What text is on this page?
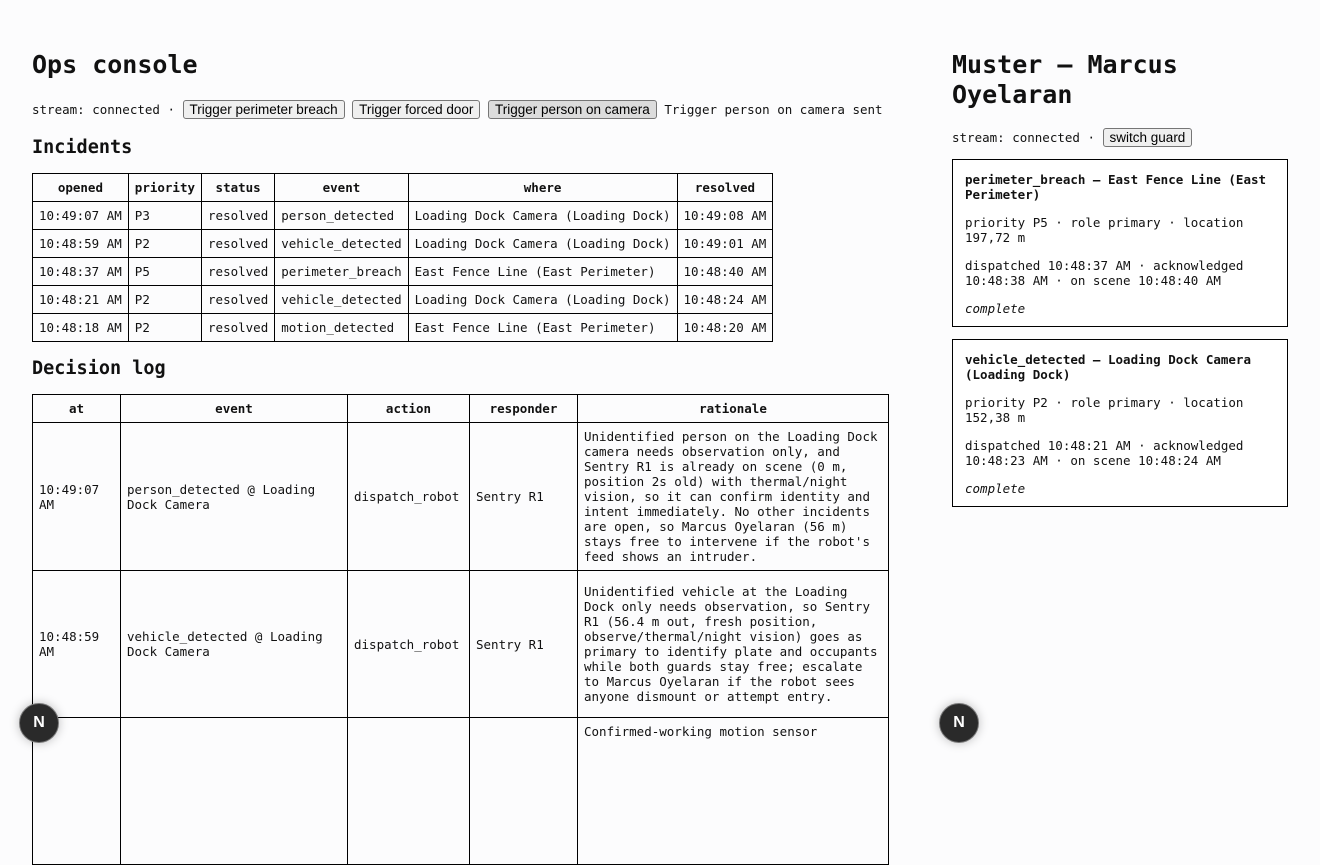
Ops console
stream: connected · Trigger perimeter breach Trigger forced door Trigger person on camera Trigger person on camera sent
Incidents
opened	priority	status	event	where	resolved
10:49:07 AM	P3	resolved	person_detected	Loading Dock Camera (Loading Dock)	10:49:08 AM
10:48:59 AM	P2	resolved	vehicle_detected	Loading Dock Camera (Loading Dock)	10:49:01 AM
10:48:37 AM	P5	resolved	perimeter_breach	East Fence Line (East Perimeter)	10:48:40 AM
10:48:21 AM	P2	resolved	vehicle_detected	Loading Dock Camera (Loading Dock)	10:48:24 AM
10:48:18 AM	P2	resolved	motion_detected	East Fence Line (East Perimeter)	10:48:20 AM
Decision log
at	event	action	responder	rationale
10:49:07 AM	person_detected @ Loading Dock Camera	dispatch_robot	Sentry R1	Unidentified person on the Loading Dock camera needs observation only, and Sentry R1 is already on scene (0 m, position 2s old) with thermal/night vision, so it can confirm identity and intent immediately. No other incidents are open, so Marcus Oyelaran (56 m) stays free to intervene if the robot's feed shows an intruder.
10:48:59 AM	vehicle_detected @ Loading Dock Camera	dispatch_robot	Sentry R1	Unidentified vehicle at the Loading Dock only needs observation, so Sentry R1 (56.4 m out, fresh position, observe/thermal/night vision) goes as primary to identify plate and occupants while both guards stay free; escalate to Marcus Oyelaran if the robot sees anyone dismount or attempt entry.
				Confirmed-working motion sensor
Muster — Marcus Oyelaran
stream: connected · switch guard
perimeter_breach — East Fence Line (East Perimeter)

priority P5 · role primary · location 197,72 m

dispatched 10:48:37 AM · acknowledged 10:48:38 AM · on scene 10:48:40 AM

complete
vehicle_detected — Loading Dock Camera (Loading Dock)

priority P2 · role primary · location 152,38 m

dispatched 10:48:21 AM · acknowledged 10:48:23 AM · on scene 10:48:24 AM

complete
N	N
